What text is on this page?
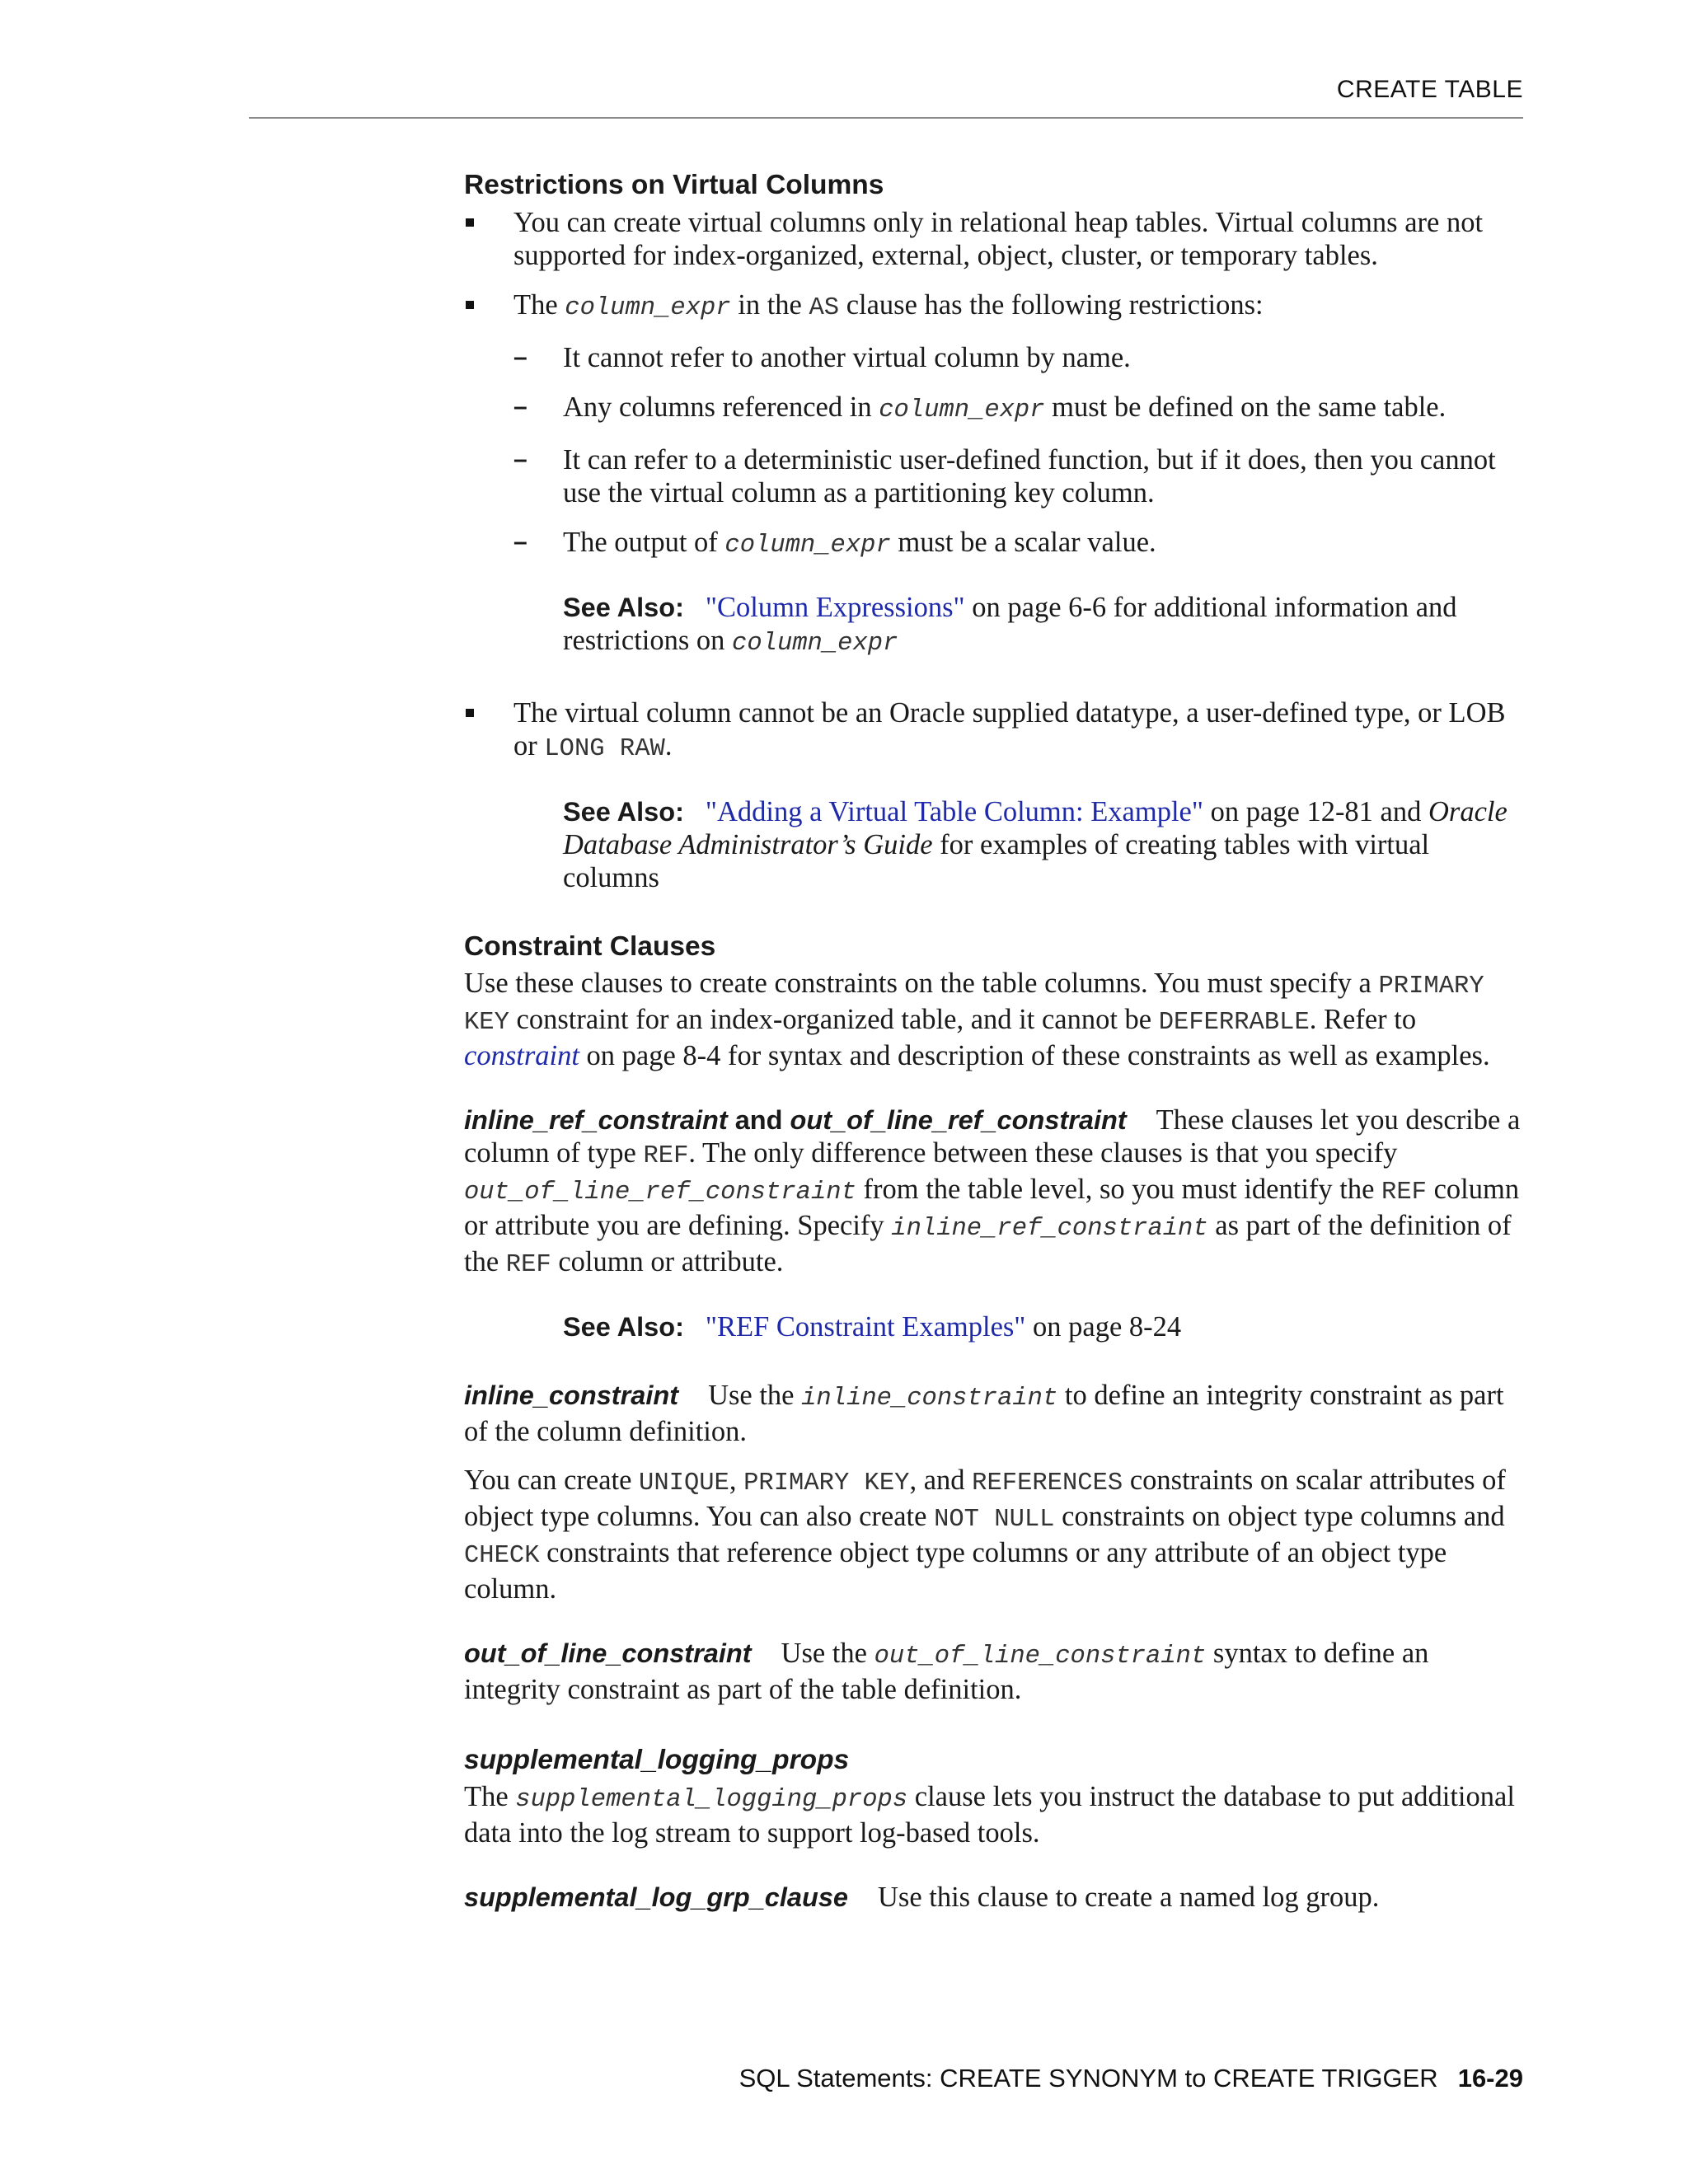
CREATE TABLE
Restrictions on Virtual Columns

You can create virtual columns only in relational heap tables. Virtual columns are not supported for index-organized, external, object, cluster, or temporary tables.

The column_expr in the AS clause has the following restrictions:

– It cannot refer to another virtual column by name.

– Any columns referenced in column_expr must be defined on the same table.

– It can refer to a deterministic user-defined function, but if it does, then you cannot use the virtual column as a partitioning key column.

– The output of column_expr must be a scalar value.

See Also: "Column Expressions" on page 6-6 for additional information and restrictions on column_expr

The virtual column cannot be an Oracle supplied datatype, a user-defined type, or LOB or LONG RAW.

See Also: "Adding a Virtual Table Column: Example" on page 12-81 and Oracle Database Administrator’s Guide for examples of creating tables with virtual columns

Constraint Clauses

Use these clauses to create constraints on the table columns. You must specify a PRIMARY KEY constraint for an index-organized table, and it cannot be DEFERRABLE. Refer to constraint on page 8-4 for syntax and description of these constraints as well as examples.

inline_ref_constraint and out_of_line_ref_constraint These clauses let you describe a column of type REF. The only difference between these clauses is that you specify out_of_line_ref_constraint from the table level, so you must identify the REF column or attribute you are defining. Specify inline_ref_constraint as part of the definition of the REF column or attribute.

See Also: "REF Constraint Examples" on page 8-24

inline_constraint Use the inline_constraint to define an integrity constraint as part of the column definition.

You can create UNIQUE, PRIMARY KEY, and REFERENCES constraints on scalar attributes of object type columns. You can also create NOT NULL constraints on object type columns and CHECK constraints that reference object type columns or any attribute of an object type column.

out_of_line_constraint Use the out_of_line_constraint syntax to define an integrity constraint as part of the table definition.

supplemental_logging_props

The supplemental_logging_props clause lets you instruct the database to put additional data into the log stream to support log-based tools.

supplemental_log_grp_clause Use this clause to create a named log group.

SQL Statements: CREATE SYNONYM to CREATE TRIGGER 16-29
